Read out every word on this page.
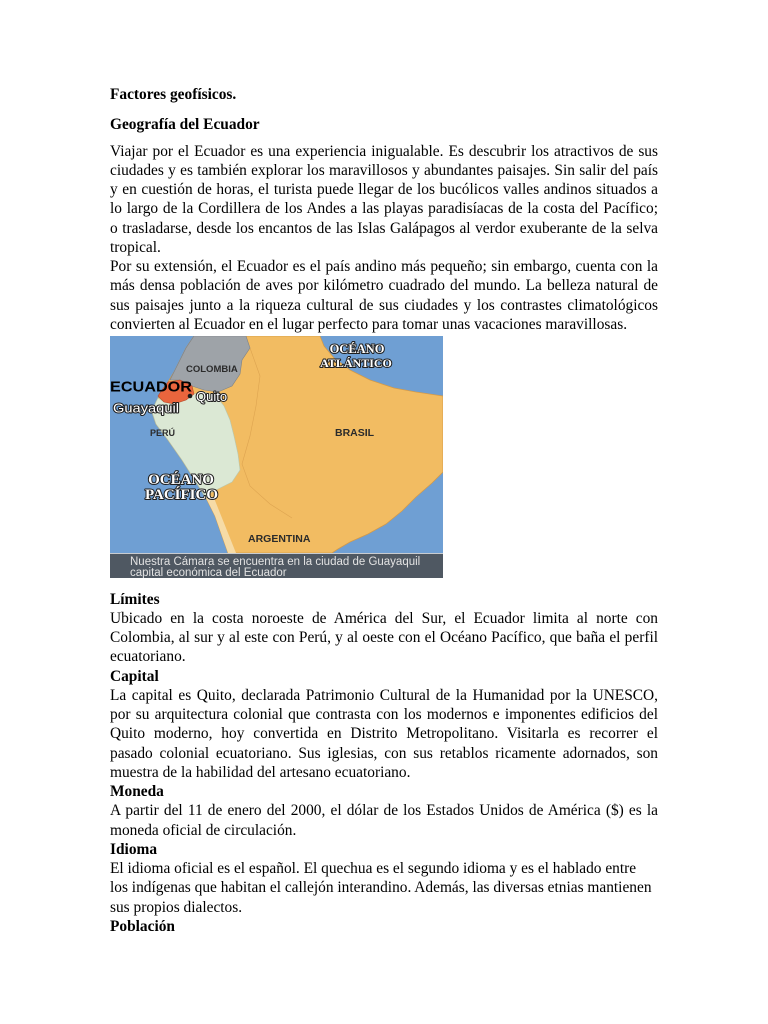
Factores geofísicos.
Geografía del Ecuador
Viajar por el Ecuador es una experiencia inigualable. Es descubrir los atractivos de sus
ciudades y es también explorar los maravillosos y abundantes paisajes. Sin salir del país
y en cuestión de horas, el turista puede llegar de los bucólicos valles andinos situados a
lo largo de la Cordillera de los Andes a las playas paradisíacas de la costa del Pacífico;
o trasladarse, desde los encantos de las Islas Galápagos al verdor exuberante de la selva
tropical.
Por su extensión, el Ecuador es el país andino más pequeño; sin embargo, cuenta con la
más densa población de aves por kilómetro cuadrado del mundo. La belleza natural de
sus paisajes junto a la riqueza cultural de sus ciudades y los contrastes climatológicos
convierten al Ecuador en el lugar perfecto para tomar unas vacaciones maravillosas.
OCÉANO
ATLÁNTICO
COLOMBIA
ECUADOR
Quito
Guayaquil
PERÚ	BRASIL
OCÉANO
PACÍFICO
ARGENTINA
Nuestra Cámara se encuentra en la ciudad de Guayaquil
capital económica del Ecuador
Límites
Ubicado en la costa noroeste de América del Sur, el Ecuador limita al norte con
Colombia, al sur y al este con Perú, y al oeste con el Océano Pacífico, que baña el perfil
ecuatoriano.
Capital
La capital es Quito, declarada Patrimonio Cultural de la Humanidad por la UNESCO,
por su arquitectura colonial que contrasta con los modernos e imponentes edificios del
Quito moderno, hoy convertida en Distrito Metropolitano. Visitarla es recorrer el
pasado colonial ecuatoriano. Sus iglesias, con sus retablos ricamente adornados, son
muestra de la habilidad del artesano ecuatoriano.
Moneda
A partir del 11 de enero del 2000, el dólar de los Estados Unidos de América ($) es la
moneda oficial de circulación.
Idioma
El idioma oficial es el español. El quechua es el segundo idioma y es el hablado entre
los indígenas que habitan el callejón interandino. Además, las diversas etnias mantienen
sus propios dialectos.
Población
